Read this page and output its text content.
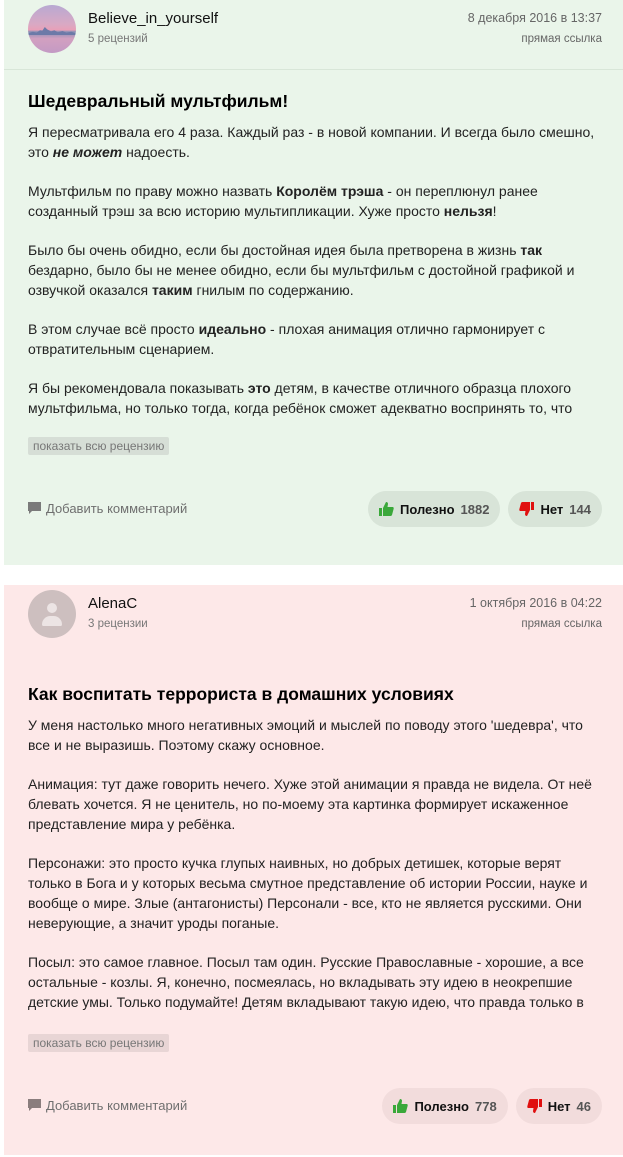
Believe_in_yourself
5 рецензий
8 декабря 2016 в 13:37
прямая ссылка
Шедевральный мультфильм!

Я пересматривала его 4 раза. Каждый раз - в новой компании. И всегда было смешно, это не может надоесть.

Мультфильм по праву можно назвать Королём трэша - он переплюнул ранее созданный трэш за всю историю мультипликации. Хуже просто нельзя!

Было бы очень обидно, если бы достойная идея была претворена в жизнь так бездарно, было бы не менее обидно, если бы мультфильм с достойной графикой и озвучкой оказался таким гнилым по содержанию.

В этом случае всё просто идеально - плохая анимация отлично гармонирует с отвратительным сценарием.

Я бы рекомендовала показывать это детям, в качестве отличного образца плохого мультфильма, но только тогда, когда ребёнок сможет адекватно воспринять то, что

показать всю рецензию
Добавить комментарий	Полезно 1882	Нет 144
AlenaC
3 рецензии
1 октября 2016 в 04:22
прямая ссылка
Как воспитать террориста в домашних условиях

У меня настолько много негативных эмоций и мыслей по поводу этого 'шедевра', что все и не выразишь. Поэтому скажу основное.

Анимация: тут даже говорить нечего. Хуже этой анимации я правда не видела. От неё блевать хочется. Я не ценитель, но по-моему эта картинка формирует искаженное представление мира у ребёнка.

Персонажи: это просто кучка глупых наивных, но добрых детишек, которые верят только в Бога и у которых весьма смутное представление об истории России, науке и вообще о мире. Злые (антагонисты) Персонали - все, кто не является русскими. Они неверующие, а значит уроды поганые.

Посыл: это самое главное. Посыл там один. Русские Православные - хорошие, а все остальные - козлы. Я, конечно, посмеялась, но вкладывать эту идею в неокрепшие детские умы. Только подумайте! Детям вкладывают такую идею, что правда только в

показать всю рецензию
Добавить комментарий	Полезно 778	Нет 46
